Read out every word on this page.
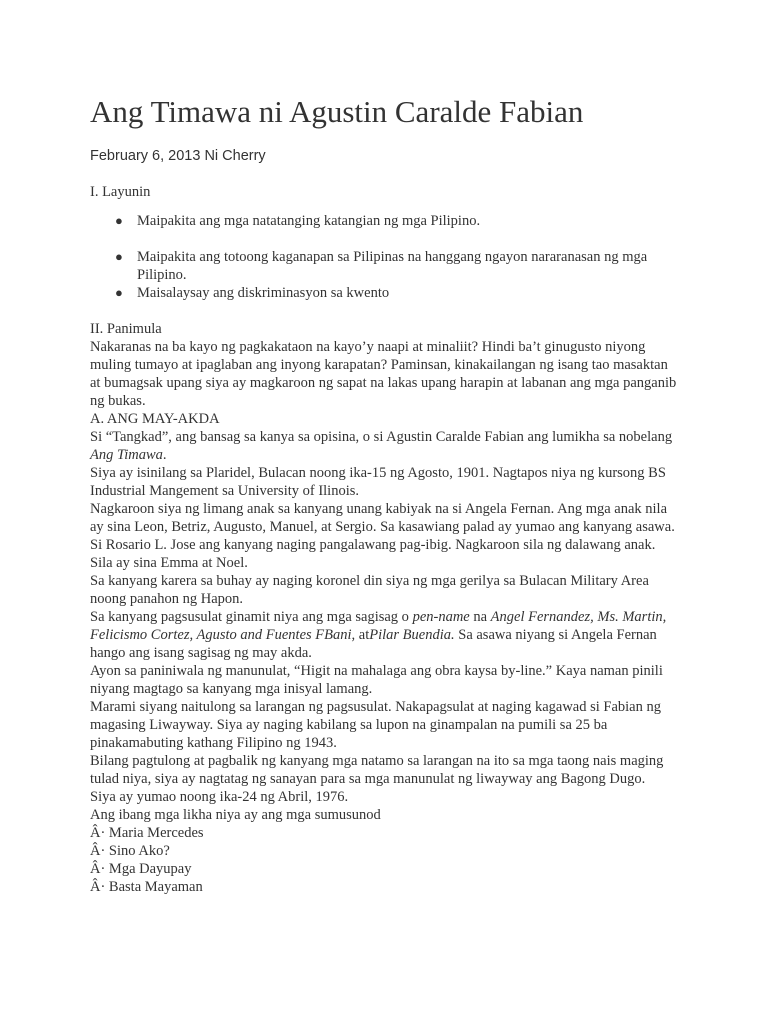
Ang Timawa ni Agustin Caralde Fabian
February 6, 2013 Ni Cherry
I. Layunin
● Maipakita ang mga natatanging katangian ng mga Pilipino.
● Maipakita ang totoong kaganapan sa Pilipinas na hanggang ngayon nararanasan ng mga Pilipino.
● Maisalaysay ang diskriminasyon sa kwento

II. Panimula

Nakaranas na ba kayo ng pagkakataon na kayo’y naapi at minaliit? Hindi ba’t ginugusto niyong muling tumayo at ipaglaban ang inyong karapatan? Paminsan, kinakailangan ng isang tao masaktan at bumagsak upang siya ay magkaroon ng sapat na lakas upang harapin at labanan ang mga panganib ng bukas.

A. ANG MAY-AKDA

Si “Tangkad”, ang bansag sa kanya sa opisina, o si Agustin Caralde Fabian ang lumikha sa nobelang Ang Timawa.

Siya ay isinilang sa Plaridel, Bulacan noong ika-15 ng Agosto, 1901. Nagtapos niya ng kursong BS Industrial Mangement sa University of Ilinois.

Nagkaroon siya ng limang anak sa kanyang unang kabiyak na si Angela Fernan. Ang mga anak nila ay sina Leon, Betriz, Augusto, Manuel, at Sergio. Sa kasawiang palad ay yumao ang kanyang asawa. Si Rosario L. Jose ang kanyang naging pangalawang pag-ibig. Nagkaroon sila ng dalawang anak. Sila ay sina Emma at Noel.

Sa kanyang karera sa buhay ay naging koronel din siya ng mga gerilya sa Bulacan Military Area noong panahon ng Hapon.

Sa kanyang pagsusulat ginamit niya ang mga sagisag o pen-name na Angel Fernandez, Ms. Martin, Felicismo Cortez, Agusto and Fuentes FBani, atPilar Buendia. Sa asawa niyang si Angela Fernan hango ang isang sagisag ng may akda.

Ayon sa paniniwala ng manunulat, “Higit na mahalaga ang obra kaysa by-line.” Kaya naman pinili niyang magtago sa kanyang mga inisyal lamang.

Marami siyang naitulong sa larangan ng pagsusulat. Nakapagsulat at naging kagawad si Fabian ng magasing Liwayway. Siya ay naging kabilang sa lupon na ginampalan na pumili sa 25 ba pinakamabuting kathang Filipino ng 1943.

Bilang pagtulong at pagbalik ng kanyang mga natamo sa larangan na ito sa mga taong nais maging tulad niya, siya ay nagtatag ng sanayan para sa mga manunulat ng liwayway ang Bagong Dugo.

Siya ay yumao noong ika-24 ng Abril, 1976.

Ang ibang mga likha niya ay ang mga sumusunod

Â· Maria Mercedes

Â· Sino Ako?

Â· Mga Dayupay

Â· Basta Mayaman
